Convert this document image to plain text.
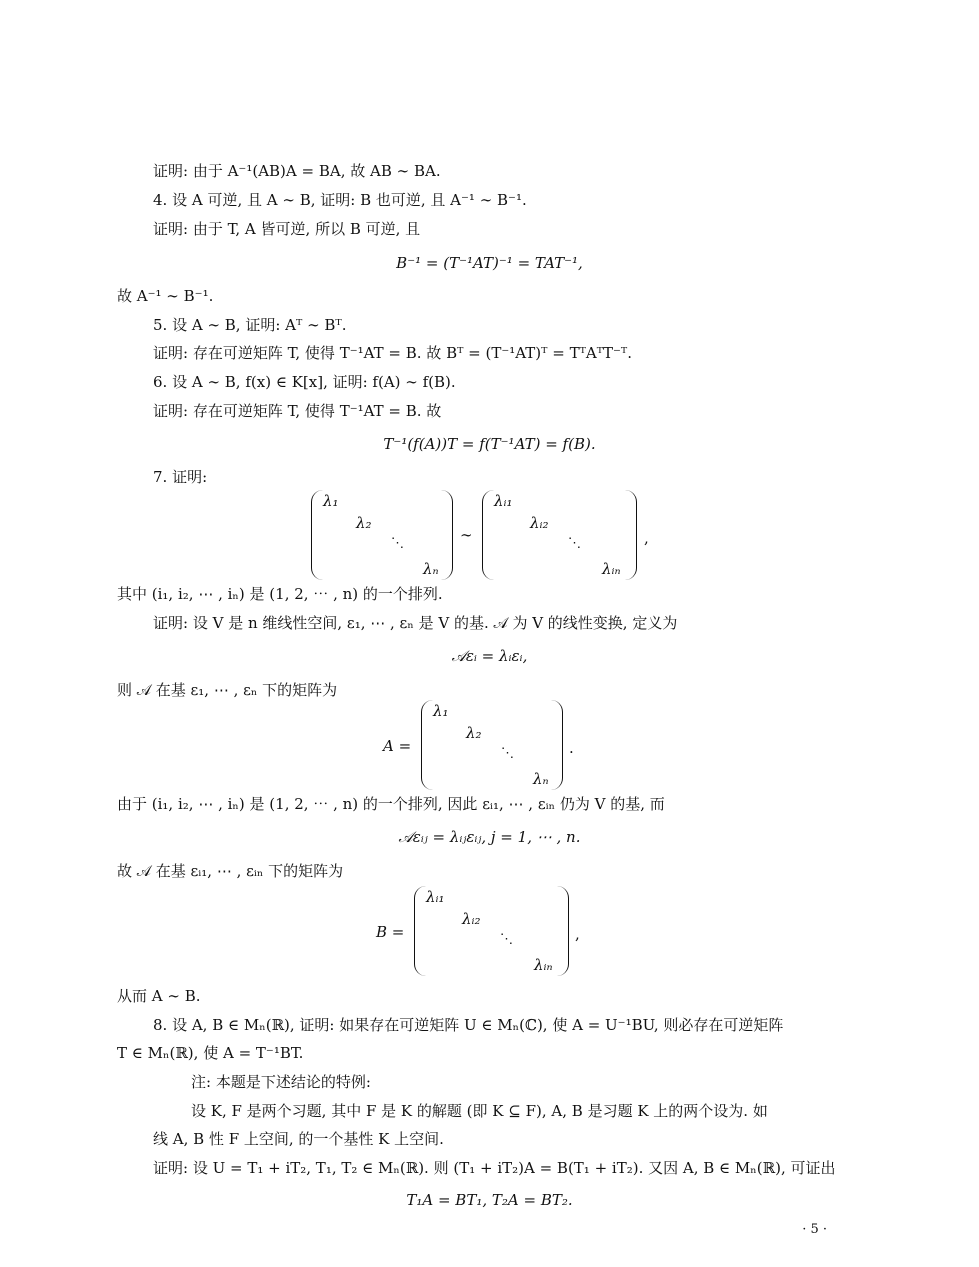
证明: 由于 A⁻¹(AB)A = BA, 故 AB ∼ BA.
4. 设 A 可逆, 且 A ∼ B, 证明: B 也可逆, 且 A⁻¹ ∼ B⁻¹.
证明: 由于 T, A 皆可逆, 所以 B 可逆, 且
B⁻¹ = (T⁻¹AT)⁻¹ = TAT⁻¹,
故 A⁻¹ ∼ B⁻¹.
5. 设 A ∼ B, 证明: Aᵀ ∼ Bᵀ.
证明: 存在可逆矩阵 T, 使得 T⁻¹AT = B. 故 Bᵀ = (T⁻¹AT)ᵀ = TᵀAᵀT⁻ᵀ.
6. 设 A ∼ B, f(x) ∈ K[x], 证明: f(A) ∼ f(B).
证明: 存在可逆矩阵 T, 使得 T⁻¹AT = B. 故
T⁻¹(f(A))T = f(T⁻¹AT) = f(B).
7. 证明:
λ₁
λ₂
⋱
λₙ
∼
λᵢ₁
λᵢ₂
⋱
λᵢₙ
,
其中 (i₁, i₂, ⋯ , iₙ) 是 (1, 2, ⋯ , n) 的一个排列.
证明: 设 V 是 n 维线性空间, ε₁, ⋯ , εₙ 是 V 的基. 𝒜 为 V 的线性变换, 定义为
𝒜εᵢ = λᵢεᵢ,
则 𝒜 在基 ε₁, ⋯ , εₙ 下的矩阵为
A =
λ₁
λ₂
⋱
λₙ
.
由于 (i₁, i₂, ⋯ , iₙ) 是 (1, 2, ⋯ , n) 的一个排列, 因此 εᵢ₁, ⋯ , εᵢₙ 仍为 V 的基, 而
𝒜εᵢⱼ = λᵢⱼεᵢⱼ, j = 1, ⋯ , n.
故 𝒜 在基 εᵢ₁, ⋯ , εᵢₙ 下的矩阵为
B =
λᵢ₁
λᵢ₂
⋱
λᵢₙ
,
从而 A ∼ B.
8. 设 A, B ∈ Mₙ(ℝ), 证明: 如果存在可逆矩阵 U ∈ Mₙ(ℂ), 使 A = U⁻¹BU, 则必存在可逆矩阵
T ∈ Mₙ(ℝ), 使 A = T⁻¹BT.
注: 本题是下述结论的特例:
设 K, F 是两个习题, 其中 F 是 K 的解题 (即 K ⊆ F), A, B 是习题 K 上的两个设为. 如
线 A, B 性 F 上空间, 的一个基性 K 上空间.
证明: 设 U = T₁ + iT₂, T₁, T₂ ∈ Mₙ(ℝ). 则 (T₁ + iT₂)A = B(T₁ + iT₂). 又因 A, B ∈ Mₙ(ℝ), 可证出
T₁A = BT₁, T₂A = BT₂.
· 5 ·
